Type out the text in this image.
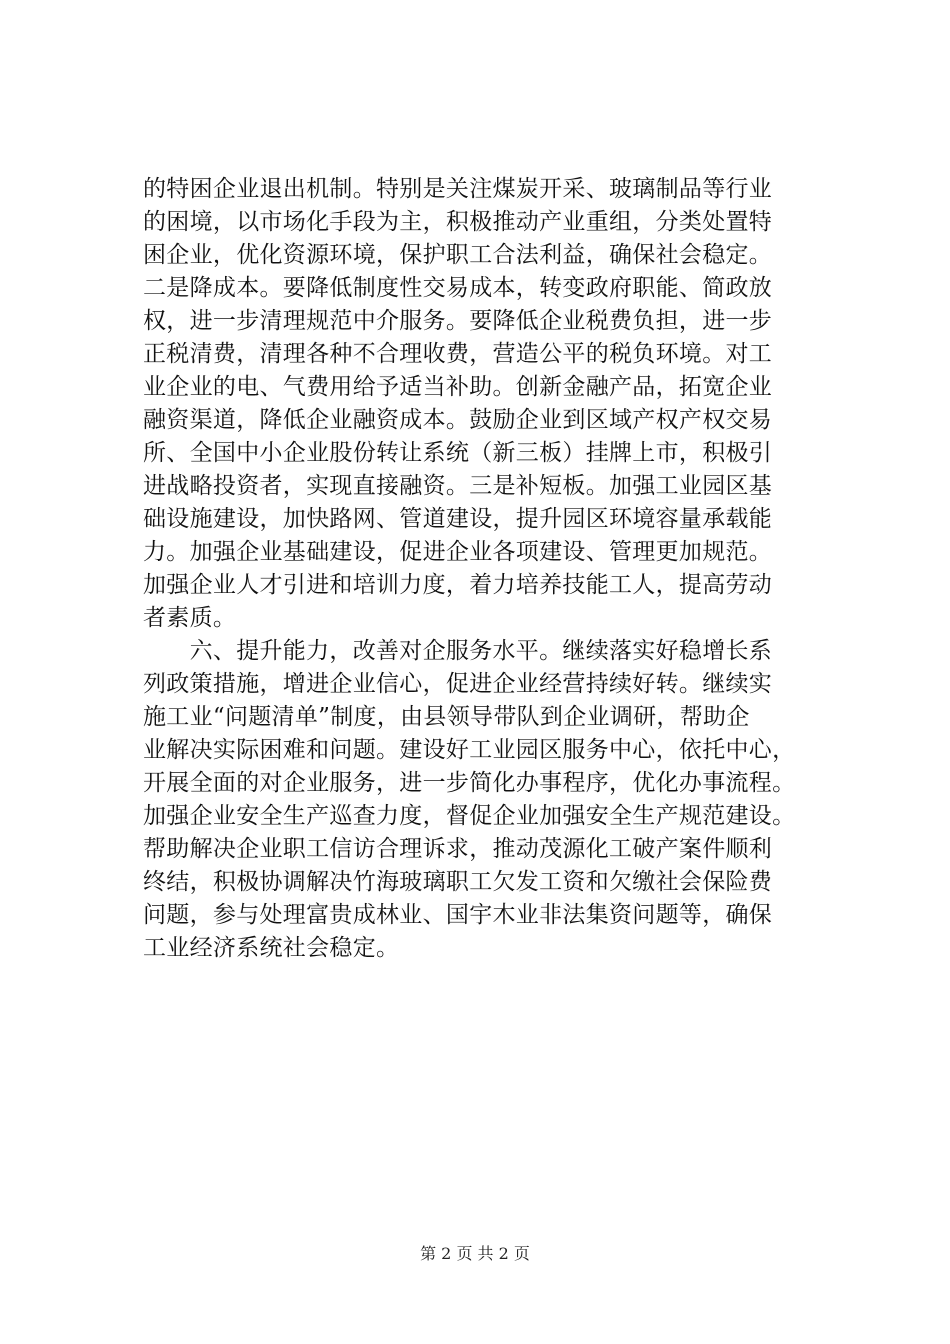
的特困企业退出机制。特别是关注煤炭开采、玻璃制品等行业
的困境，以市场化手段为主，积极推动产业重组，分类处置特
困企业，优化资源环境，保护职工合法利益，确保社会稳定。
二是降成本。要降低制度性交易成本，转变政府职能、简政放
权，进一步清理规范中介服务。要降低企业税费负担，进一步
正税清费，清理各种不合理收费，营造公平的税负环境。对工
业企业的电、气费用给予适当补助。创新金融产品，拓宽企业
融资渠道，降低企业融资成本。鼓励企业到区域产权产权交易
所、全国中小企业股份转让系统（新三板）挂牌上市，积极引
进战略投资者，实现直接融资。三是补短板。加强工业园区基
础设施建设，加快路网、管道建设，提升园区环境容量承载能
力。加强企业基础建设，促进企业各项建设、管理更加规范。
加强企业人才引进和培训力度，着力培养技能工人，提高劳动
者素质。
　　六、提升能力，改善对企服务水平。继续落实好稳增长系
列政策措施，增进企业信心，促进企业经营持续好转。继续实
施工业“问题清单”制度，由县领导带队到企业调研，帮助企
业解决实际困难和问题。建设好工业园区服务中心，依托中心，
开展全面的对企业服务，进一步简化办事程序，优化办事流程。
加强企业安全生产巡查力度，督促企业加强安全生产规范建设。
帮助解决企业职工信访合理诉求，推动茂源化工破产案件顺利
终结，积极协调解决竹海玻璃职工欠发工资和欠缴社会保险费
问题，参与处理富贵成林业、国宇木业非法集资问题等，确保
工业经济系统社会稳定。
第 2 页 共 2 页
